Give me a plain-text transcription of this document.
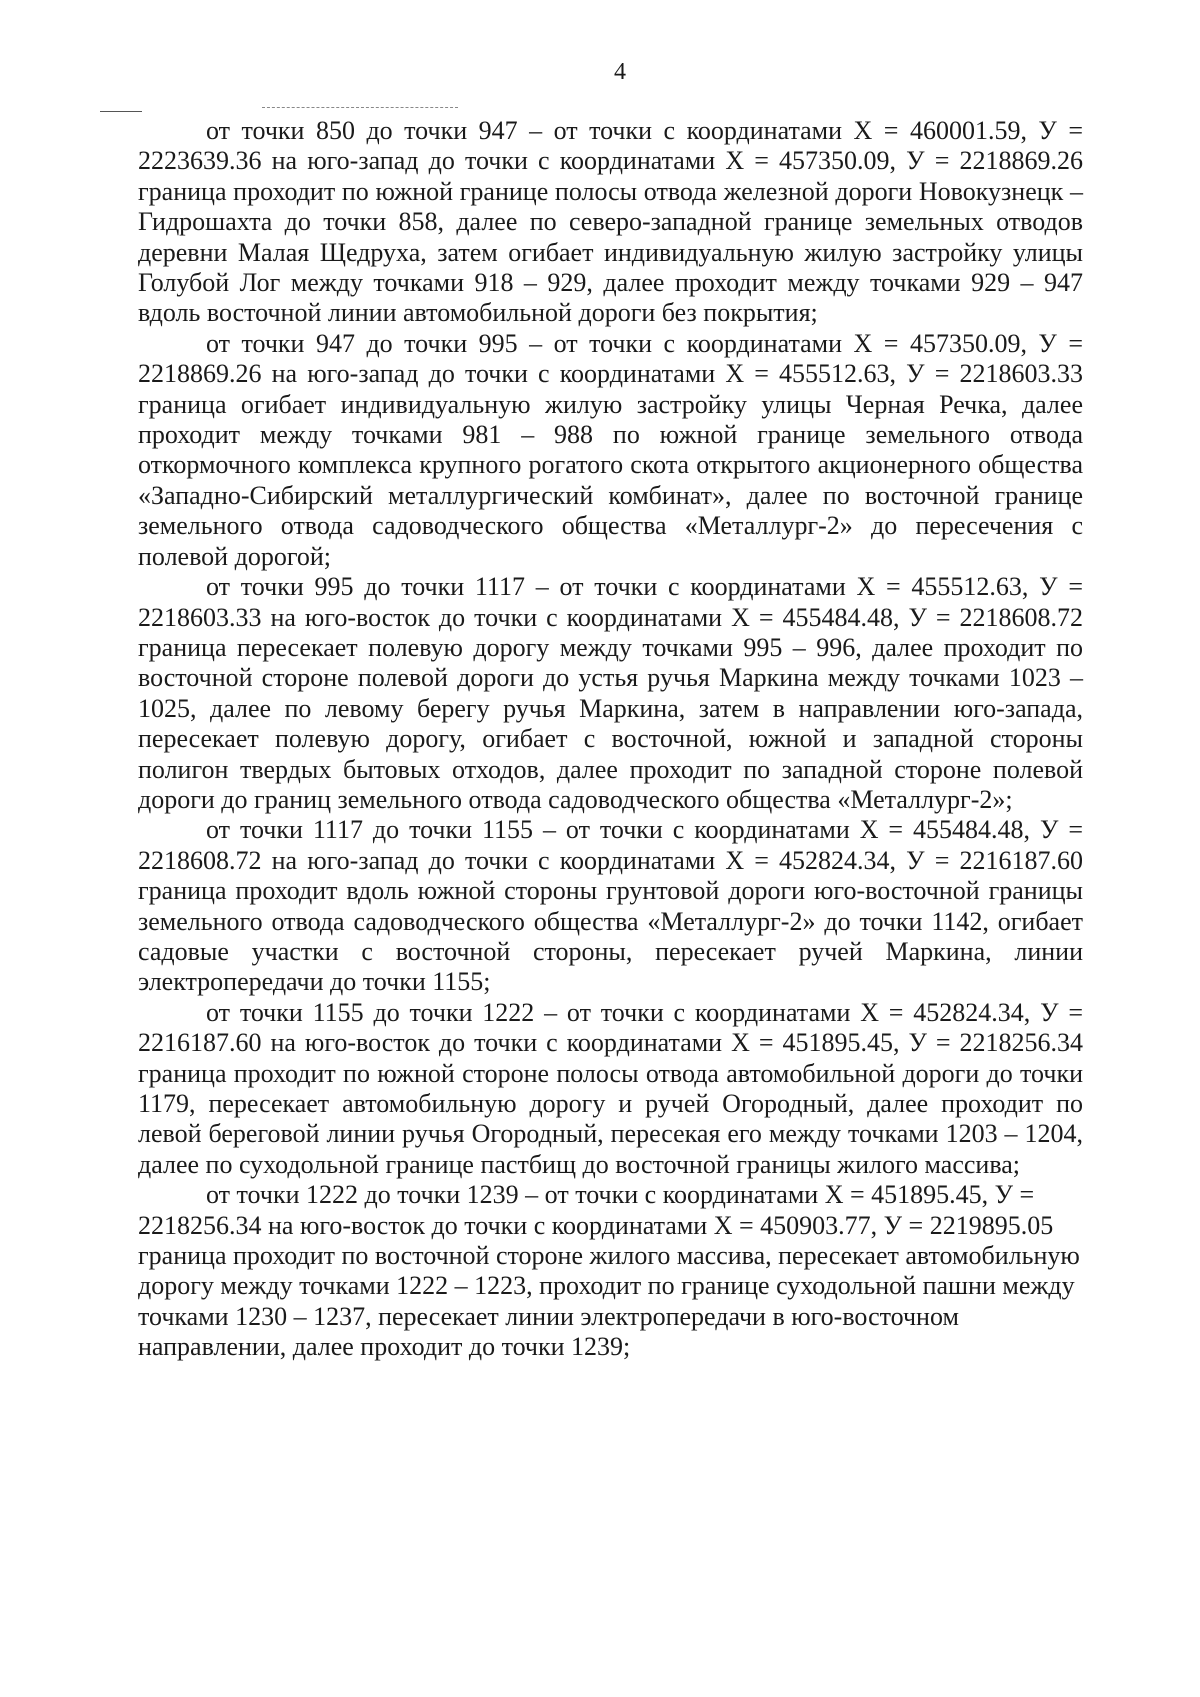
4

от точки 850 до точки 947 – от точки с координатами Х = 460001.59, У = 2223639.36 на юго-запад до точки с координатами Х = 457350.09, У = 2218869.26 граница проходит по южной границе полосы отвода железной дороги Новокузнецк – Гидрошахта до точки 858, далее по северо-западной границе земельных отводов деревни Малая Щедруха, затем огибает индивидуальную жилую застройку улицы Голубой Лог между точками 918 – 929, далее проходит между точками 929 – 947 вдоль восточной линии автомобильной дороги без покрытия;

от точки 947 до точки 995 – от точки с координатами Х = 457350.09, У = 2218869.26 на юго-запад до точки с координатами Х = 455512.63, У = 2218603.33 граница огибает индивидуальную жилую застройку улицы Черная Речка, далее проходит между точками 981 – 988 по южной границе земельного отвода откормочного комплекса крупного рогатого скота открытого акционерного общества «Западно-Сибирский металлургический комбинат», далее по восточной границе земельного отвода садоводческого общества «Металлург-2» до пересечения с полевой дорогой;

от точки 995 до точки 1117 – от точки с координатами Х = 455512.63, У = 2218603.33 на юго-восток до точки с координатами Х = 455484.48, У = 2218608.72 граница пересекает полевую дорогу между точками 995 – 996, далее проходит по восточной стороне полевой дороги до устья ручья Маркина между точками 1023 – 1025, далее по левому берегу ручья Маркина, затем в направлении юго-запада, пересекает полевую дорогу, огибает с восточной, южной и западной стороны полигон твердых бытовых отходов, далее проходит по западной стороне полевой дороги до границ земельного отвода садоводческого общества «Металлург-2»;

от точки 1117 до точки 1155 – от точки с координатами Х = 455484.48, У = 2218608.72 на юго-запад до точки с координатами Х = 452824.34, У = 2216187.60 граница проходит вдоль южной стороны грунтовой дороги юго-восточной границы земельного отвода садоводческого общества «Металлург-2» до точки 1142, огибает садовые участки с восточной стороны, пересекает ручей Маркина, линии электропередачи до точки 1155;

от точки 1155 до точки 1222 – от точки с координатами Х = 452824.34, У = 2216187.60 на юго-восток до точки с координатами Х = 451895.45, У = 2218256.34 граница проходит по южной стороне полосы отвода автомобильной дороги до точки 1179, пересекает автомобильную дорогу и ручей Огородный, далее проходит по левой береговой линии ручья Огородный, пересекая его между точками 1203 – 1204, далее по суходольной границе пастбищ до восточной границы жилого массива;

от точки 1222 до точки 1239 – от точки с координатами Х = 451895.45, У = 2218256.34 на юго-восток до точки с координатами Х = 450903.77, У = 2219895.05 граница проходит по восточной стороне жилого массива, пересекает автомобильную дорогу между точками 1222 – 1223, проходит по границе суходольной пашни между точками 1230 – 1237, пересекает линии электропередачи в юго-восточном направлении, далее проходит до точки 1239;
